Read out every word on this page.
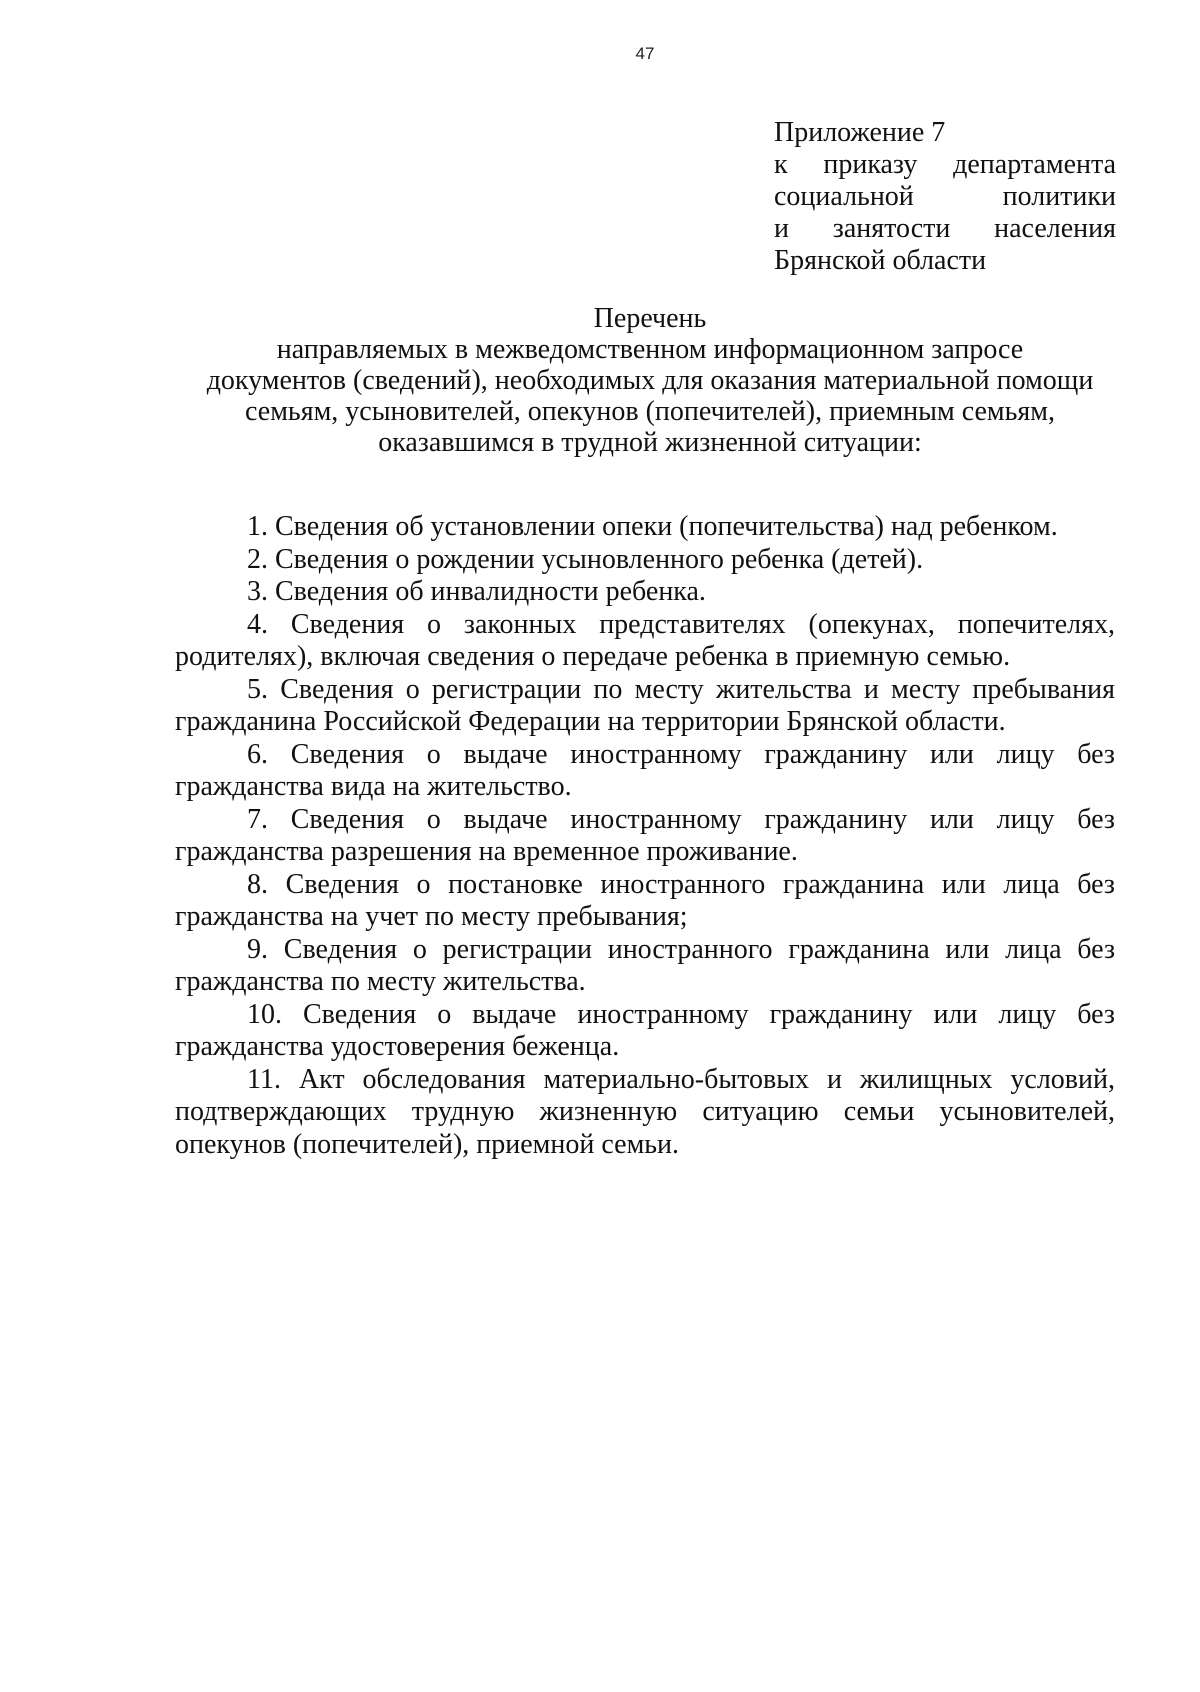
47
Приложение 7
к приказу департамента
социальной политики
и занятости населения
Брянской области
Перечень
направляемых в межведомственном информационном запросе
документов (сведений), необходимых для оказания материальной помощи
семьям, усыновителей, опекунов (попечителей), приемным семьям,
оказавшимся в трудной жизненной ситуации:

1. Сведения об установлении опеки (попечительства) над ребенком.

2. Сведения о рождении усыновленного ребенка (детей).

3. Сведения об инвалидности ребенка.

4. Сведения о законных представителях (опекунах, попечителях, родителях), включая сведения о передаче ребенка в приемную семью.

5. Сведения о регистрации по месту жительства и месту пребывания гражданина Российской Федерации на территории Брянской области.

6. Сведения о выдаче иностранному гражданину или лицу без гражданства вида на жительство.

7. Сведения о выдаче иностранному гражданину или лицу без гражданства разрешения на временное проживание.

8. Сведения о постановке иностранного гражданина или лица без гражданства на учет по месту пребывания;

9. Сведения о регистрации иностранного гражданина или лица без гражданства по месту жительства.

10. Сведения о выдаче иностранному гражданину или лицу без гражданства удостоверения беженца.

11. Акт обследования материально-бытовых и жилищных условий, подтверждающих трудную жизненную ситуацию семьи усыновителей, опекунов (попечителей), приемной семьи.
